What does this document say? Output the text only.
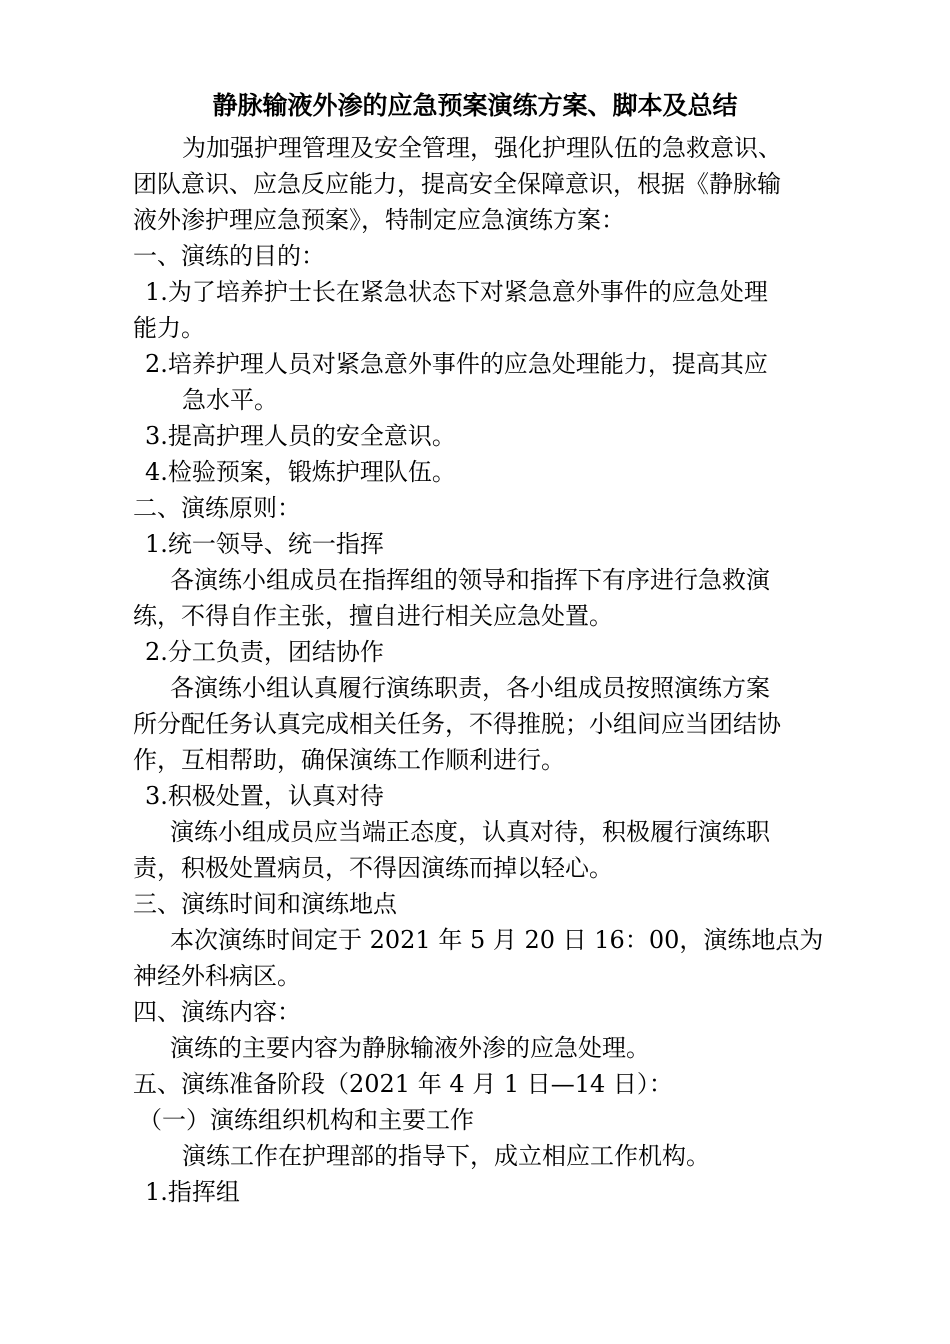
静脉输液外渗的应急预案演练方案、脚本及总结
为加强护理管理及安全管理，强化护理队伍的急救意识、
团队意识、应急反应能力，提高安全保障意识，根据《静脉输
液外渗护理应急预案》，特制定应急演练方案：
一、演练的目的：
1.为了培养护士长在紧急状态下对紧急意外事件的应急处理
能力。
2.培养护理人员对紧急意外事件的应急处理能力，提高其应
急水平。
3.提高护理人员的安全意识。
4.检验预案，锻炼护理队伍。
二、演练原则：
1.统一领导、统一指挥
各演练小组成员在指挥组的领导和指挥下有序进行急救演
练，不得自作主张，擅自进行相关应急处置。
2.分工负责，团结协作
各演练小组认真履行演练职责，各小组成员按照演练方案
所分配任务认真完成相关任务，不得推脱；小组间应当团结协
作，互相帮助，确保演练工作顺利进行。
3.积极处置，认真对待
演练小组成员应当端正态度，认真对待，积极履行演练职
责，积极处置病员，不得因演练而掉以轻心。
三、演练时间和演练地点
本次演练时间定于 2021 年 5 月 20 日 16：00，演练地点为
神经外科病区。
四、演练内容：
演练的主要内容为静脉输液外渗的应急处理。
五、演练准备阶段（2021 年 4 月 1 日—14 日）：
（一）演练组织机构和主要工作
演练工作在护理部的指导下，成立相应工作机构。
1.指挥组
